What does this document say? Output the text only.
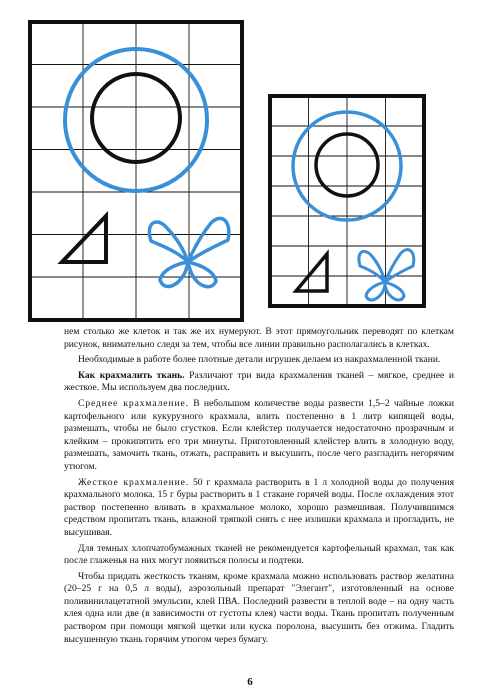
нем столько же клеток и так же их нумеруют. В этот прямоугольник переводят по клеткам рисунок, внимательно следя за тем, чтобы все линии правильно располагались в клетках.

Необходимые в работе более плотные детали игрушек делаем из накрахмаленной ткани.

Как крахмалить ткань. Различают три вида крахмаления тканей – мягкое, среднее и жесткое. Мы используем два последних.

Среднее крахмаление. В небольшом количестве воды развести 1,5–2 чайные ложки картофельного или кукурузного крахмала, влить постепенно в 1 литр кипящей воды, размешать, чтобы не было сгустков. Если клейстер получается недостаточно прозрачным и клейким – прокипятить его три минуты. Приготовленный клейстер влить в холодную воду, размешать, замочить ткань, отжать, расправить и высушить, после чего разгладить негорячим утюгом.

Жесткое крахмаление. 50 г крахмала растворить в 1 л холодной воды до получения крахмального молока. 15 г буры растворить в 1 стакане горячей воды. После охлаждения этот раствор постепенно вливать в крахмальное молоко, хорошо размешивая. Получившимся средством пропитать ткань, влажной тряпкой снять с нее излишки крахмала и прогладить, не высушивая.

Для темных хлопчатобумажных тканей не рекомендуется картофельный крахмал, так как после глаженья на них могут появиться полосы и подтеки.

Чтобы придать жесткость тканям, кроме крахмала можно использовать раствор желатина (20–25 г на 0,5 л воды), аэрозольный препарат "Элегант", изготовленный на основе поливинилацетатной эмульсии, клей ПВА. Последний развести в теплой воде – на одну часть клея одна или две (в зависимости от густоты клея) части воды. Ткань пропитать полученным раствором при помощи мягкой щетки или куска поролона, высушить без отжима. Гладить высушенную ткань горячим утюгом через бумагу.

6
